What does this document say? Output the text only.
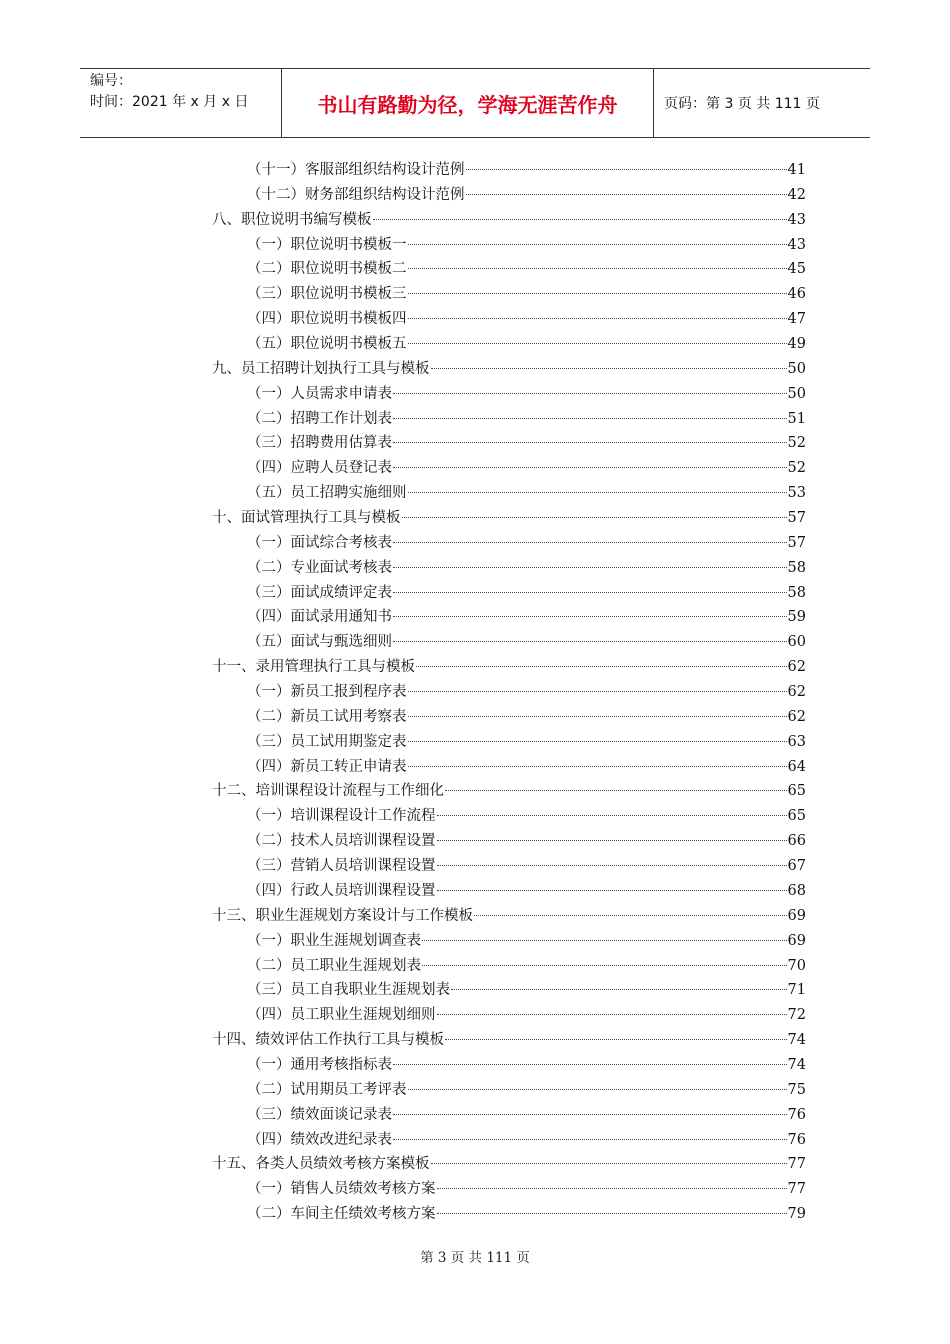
编号：
时间：2021 年 x 月 x 日	书山有路勤为径，学海无涯苦作舟	页码：第 3 页 共 111 页
（十一）客服部组织结构设计范例	41
（十二）财务部组织结构设计范例	42
八、职位说明书编写模板	43
（一）职位说明书模板一	43
（二）职位说明书模板二	45
（三）职位说明书模板三	46
（四）职位说明书模板四	47
（五）职位说明书模板五	49
九、员工招聘计划执行工具与模板	50
（一）人员需求申请表	50
（二）招聘工作计划表	51
（三）招聘费用估算表	52
（四）应聘人员登记表	52
（五）员工招聘实施细则	53
十、面试管理执行工具与模板	57
（一）面试综合考核表	57
（二）专业面试考核表	58
（三）面试成绩评定表	58
（四）面试录用通知书	59
（五）面试与甄选细则	60
十一、录用管理执行工具与模板	62
（一）新员工报到程序表	62
（二）新员工试用考察表	62
（三）员工试用期鉴定表	63
（四）新员工转正申请表	64
十二、培训课程设计流程与工作细化	65
（一）培训课程设计工作流程	65
（二）技术人员培训课程设置	66
（三）营销人员培训课程设置	67
（四）行政人员培训课程设置	68
十三、职业生涯规划方案设计与工作模板	69
（一）职业生涯规划调查表	69
（二）员工职业生涯规划表	70
（三）员工自我职业生涯规划表	71
（四）员工职业生涯规划细则	72
十四、绩效评估工作执行工具与模板	74
（一）通用考核指标表	74
（二）试用期员工考评表	75
（三）绩效面谈记录表	76
（四）绩效改进纪录表	76
十五、各类人员绩效考核方案模板	77
（一）销售人员绩效考核方案	77
（二）车间主任绩效考核方案	79
第 3 页 共 111 页
